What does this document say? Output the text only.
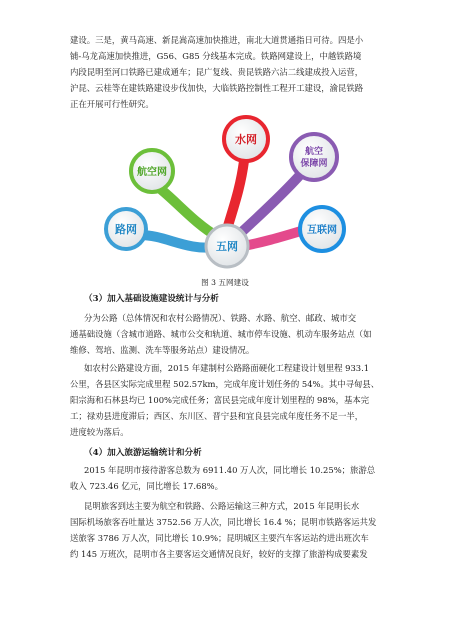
建设。三是，黄马高速、新昆嵩高速加快推进，南北大道贯通指日可待。四是小
铺-乌龙高速加快推进，G56、G85 分线基本完成。铁路网建设上，中越铁路境
内段昆明至河口铁路已建成通车；昆广复线、贵昆铁路六沾二线建成投入运营，
沪昆、云桂等在建铁路建设步伐加快，大临铁路控制性工程开工建设，渝昆铁路
正在开展可行性研究。
路网
航空网
水网
航空
保障网
互联网
五网
图 3 五网建设
（3）加入基础设施建设统计与分析
分为公路（总体情况和农村公路情况）、铁路、水路、航空、邮政、城市交
通基础设施（含城市道路、城市公交和轨道、城市停车设施、机动车服务站点（如
维修、驾培、监测、洗车等服务站点）建设情况。
如农村公路建设方面，2015 年建制村公路路面硬化工程建设计划里程 933.1
公里，各县区实际完成里程 502.57km，完成年度计划任务的 54%。其中寻甸县、
阳宗海和石林县均已 100%完成任务；富民县完成年度计划里程的 98%，基本完
工；禄劝县进度滞后；西区、东川区、晋宁县和宜良县完成年度任务不足一半，
进度较为落后。
（4）加入旅游运输统计和分析
2015 年昆明市接待游客总数为 6911.40 万人次，同比增长 10.25%；旅游总
收入 723.46 亿元，同比增长 17.68%。
昆明旅客到达主要为航空和铁路、公路运输这三种方式，2015 年昆明长水
国际机场旅客吞吐量达 3752.56 万人次，同比增长 16.4 %；昆明市铁路客运共发
送旅客 3786 万人次，同比增长 10.9%；昆明城区主要汽车客运站约进出班次车
约 145 万班次，昆明市各主要客运交通情况良好，较好的支撑了旅游构成要素发
